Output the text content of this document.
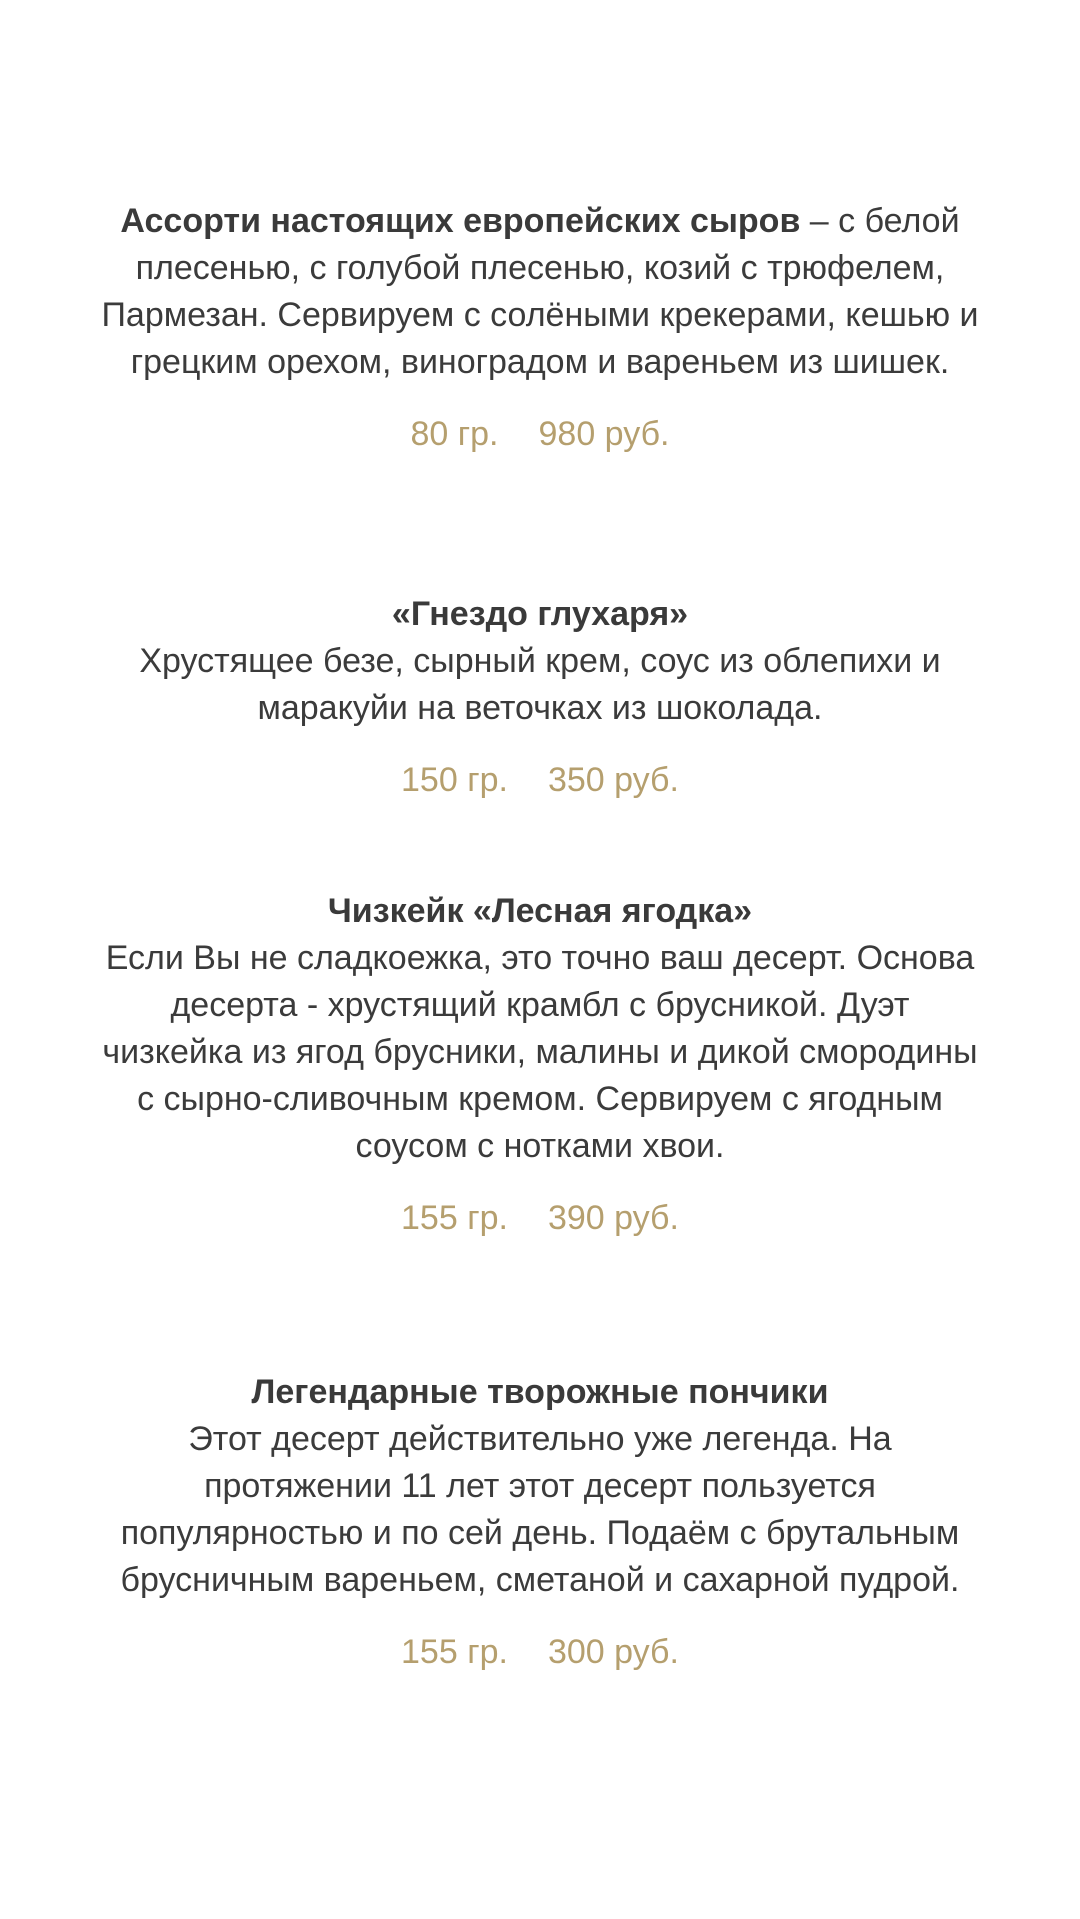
Ассорти настоящих европейских сыров – с белой плесенью, с голубой плесенью, козий с трюфелем, Пармезан. Сервируем с солёными крекерами, кешью и грецким орехом, виноградом и вареньем из шишек.

80 гр. 980 руб.

«Гнездо глухаря»
Хрустящее безе, сырный крем, соус из облепихи и маракуйи на веточках из шоколада.

150 гр. 350 руб.

Чизкейк «Лесная ягодка»
Если Вы не сладкоежка, это точно ваш десерт. Основа десерта - хрустящий крамбл с брусникой. Дуэт чизкейка из ягод брусники, малины и дикой смородины с сырно-сливочным кремом. Сервируем с ягодным соусом с нотками хвои.

155 гр. 390 руб.

Легендарные творожные пончики
Этот десерт действительно уже легенда. На протяжении 11 лет этот десерт пользуется популярностью и по сей день. Подаём с брутальным брусничным вареньем, сметаной и сахарной пудрой.

155 гр. 300 руб.
